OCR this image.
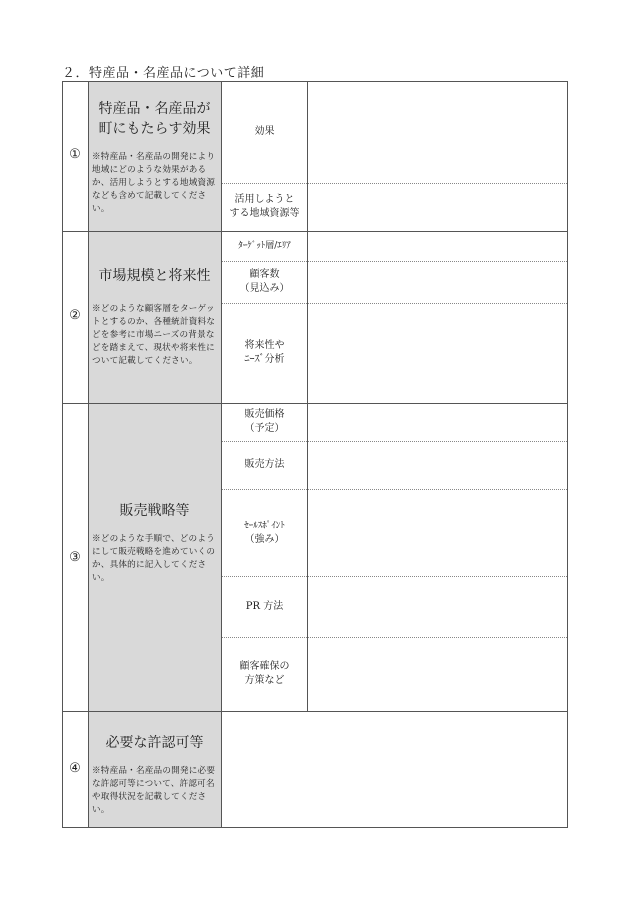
２．特産品・名産品について詳細
①
特産品・名産品が
町にもたらす効果
※特産品・名産品の開発により地域にどのような効果があるか、活用しようとする地域資源なども含めて記載してください。
効果
活用しようと
する地域資源等
②
市場規模と将来性
※どのような顧客層をターゲットとするのか、各種統計資料などを参考に市場ニーズの背景などを踏まえて、現状や将来性について記載してください。
ﾀｰｹﾞｯﾄ層/ｴﾘｱ
顧客数
（見込み）
将来性や
ﾆｰｽﾞ分析
③
販売戦略等
※どのような手順で、どのようにして販売戦略を進めていくのか、具体的に記入してください。
販売価格
（予定）
販売方法
ｾｰﾙｽﾎﾟｲﾝﾄ
（強み）
PR 方法
顧客確保の
方策など
④
必要な許認可等
※特産品・名産品の開発に必要な許認可等について、許認可名や取得状況を記載してください。
